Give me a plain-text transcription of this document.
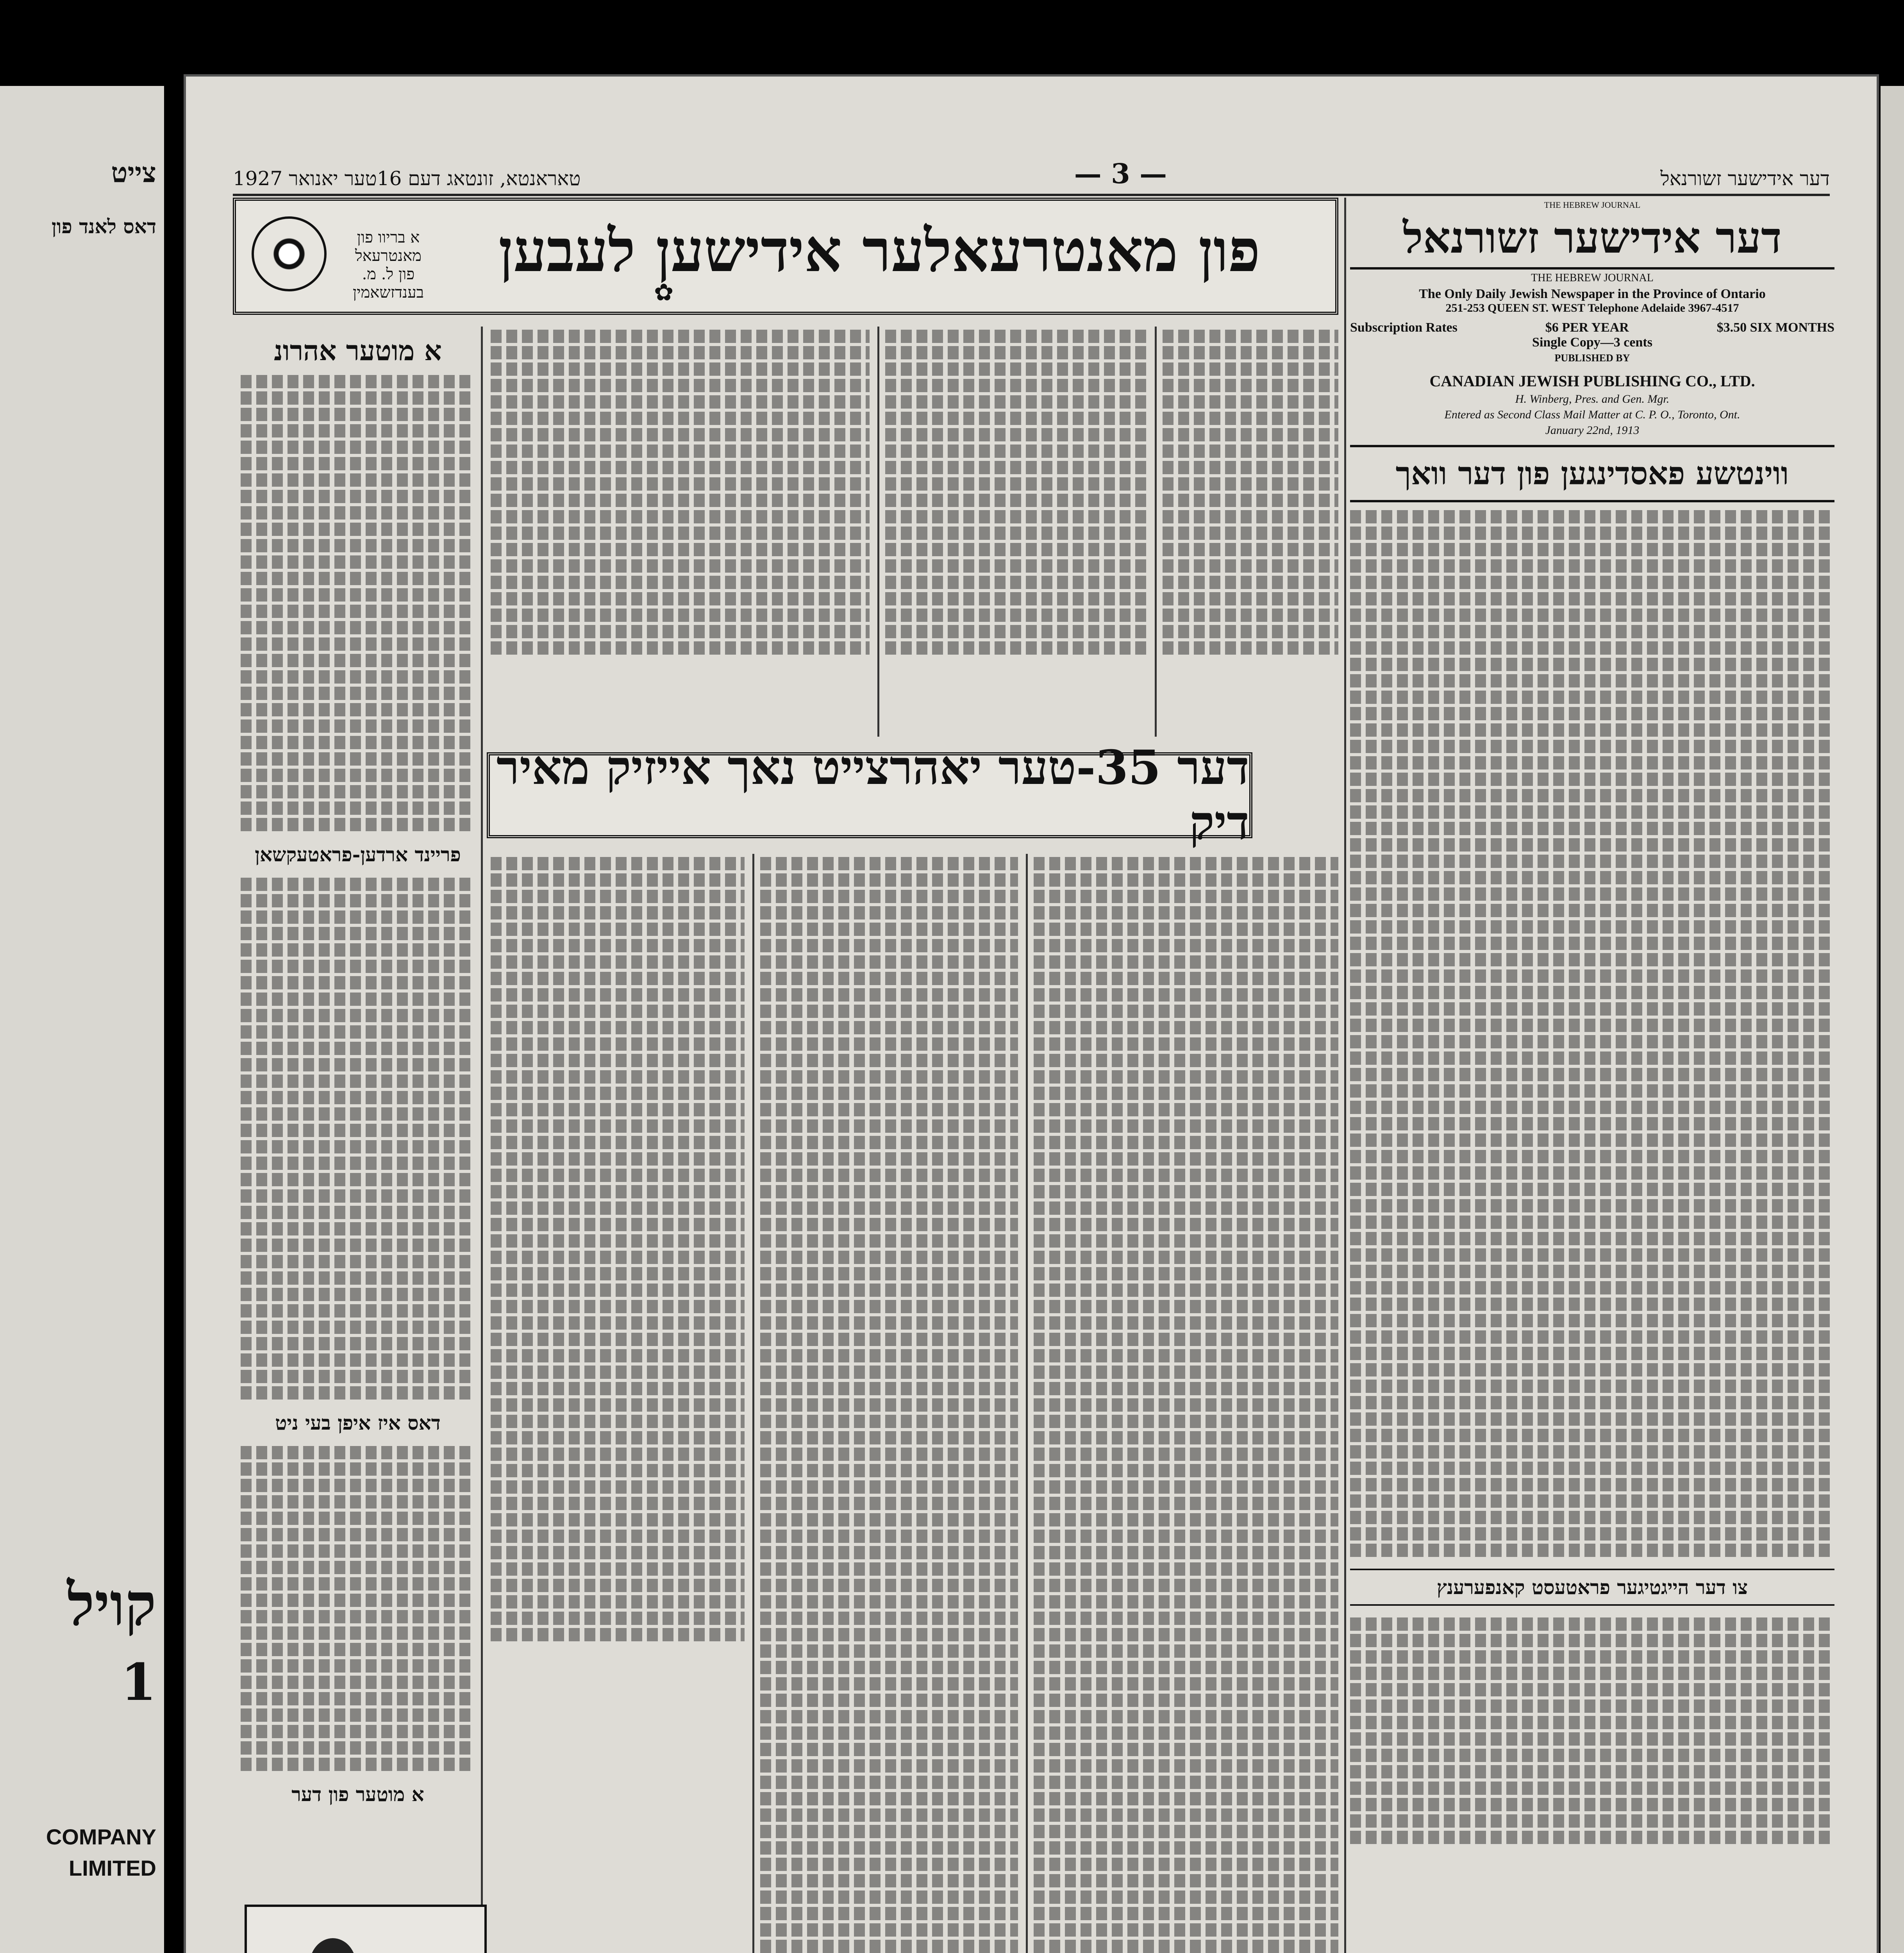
צייט
דאס לאנד פון
קויל
1
COMPANY
LIMITED
1927 טאראנטא, זונטאג דעם 16טער יאנואר	— 3 —	דער אידישער זשורנאל
א בריוו פון מאנטרעאל
פון ל. מ. בענדזשאמין	✿
פון מאנטרעאלער אידישען לעבען
א מוטער אהרונ
פריינד ארדען-פראטעקשאן
דאס איז איפן בעי ניט
א מוטער פון דער
דער 35-טער יאהרצייט נאך אייזיק מאיר דיק
THE HEBREW JOURNAL
דער אידישער זשורנאל
THE HEBREW JOURNAL
The Only Daily Jewish Newspaper in the Province of Ontario
251-253 QUEEN ST. WEST Telephone Adelaide 3967-4517
Subscription Rates	$6 PER YEAR	$3.50 SIX MONTHS
Single Copy—3 cents
PUBLISHED BY
CANADIAN JEWISH PUBLISHING CO., LTD.
H. Winberg, Pres. and Gen. Mgr.
Entered as Second Class Mail Matter at C. P. O., Toronto, Ont.
January 22nd, 1913
ווינטשע פאסדינגען פון דער וואך
צו דער הייגטיגער פראטעסט קאנפערענץ
